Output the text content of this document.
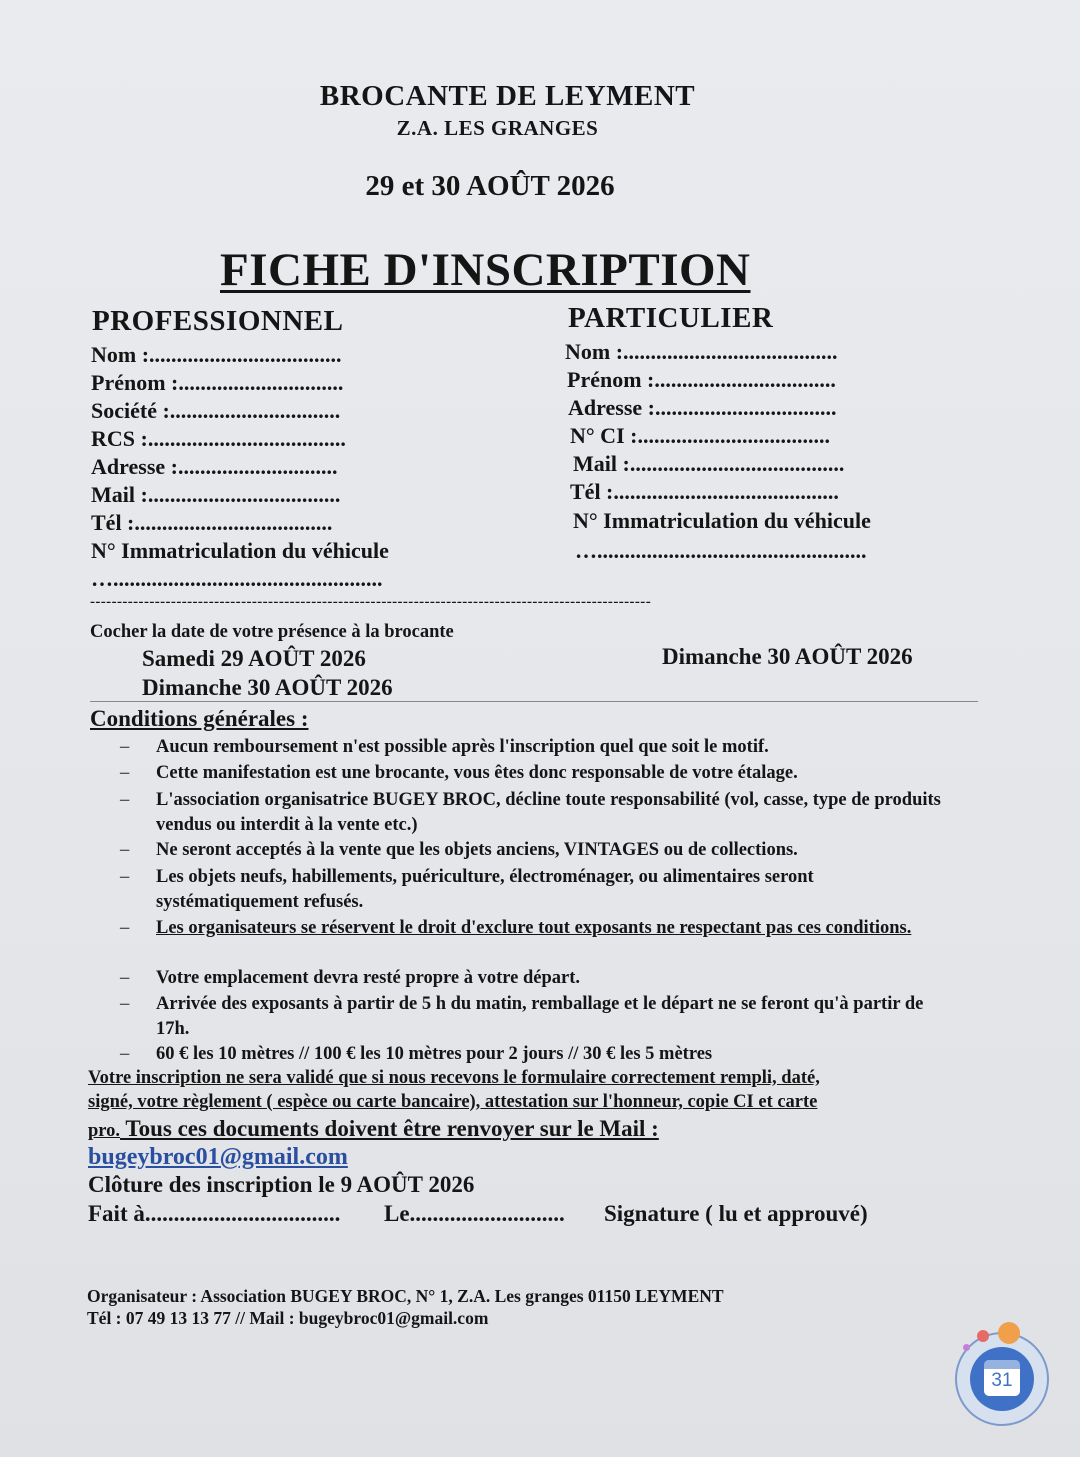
BROCANTE DE LEYMENT
Z.A. LES GRANGES
29 et 30 AOÛT 2026
FICHE D'INSCRIPTION
PROFESSIONNEL
Nom :...................................
Prénom :..............................
Société :...............................
RCS :....................................
Adresse :.............................
Mail :...................................
Tél :....................................
N° Immatriculation du véhicule
….................................................
PARTICULIER
Nom :.......................................
Prénom :.................................
Adresse :.................................
N° CI :...................................
Mail :.......................................
Tél :.........................................
N° Immatriculation du véhicule
….................................................
--------------------------------------------------------------------------------------------------------
Cocher la date de votre présence à la brocante
Samedi 29 AOÛT 2026
Dimanche 30 AOÛT 2026
Dimanche 30 AOÛT 2026
Conditions générales :
–	Aucun remboursement n'est possible après l'inscription quel que soit le motif.
–	Cette manifestation est une brocante, vous êtes donc responsable de votre étalage.
–	L'association organisatrice BUGEY BROC, décline toute responsabilité (vol, casse, type de produits vendus ou interdit à la vente etc.)
–	Ne seront acceptés à la vente que les objets anciens, VINTAGES ou de collections.
–	Les objets neufs, habillements, puériculture, électroménager, ou alimentaires seront systématiquement refusés.
–	Les organisateurs se réservent le droit d'exclure tout exposants ne respectant pas ces conditions.
–	Votre emplacement devra resté propre à votre départ.
–	Arrivée des exposants à partir de 5 h du matin, remballage et le départ ne se feront qu'à partir de 17h.
–	60 € les 10 mètres // 100 € les 10 mètres pour 2 jours // 30 € les 5 mètres
Votre inscription ne sera validé que si nous recevons le formulaire correctement rempli, daté,
signé, votre règlement ( espèce ou carte bancaire), attestation sur l'honneur, copie CI et carte
pro. Tous ces documents doivent être renvoyer sur le Mail :
bugeybroc01@gmail.com
Clôture des inscription le 9 AOÛT 2026
Fait à.................................. Le........................... Signature ( lu et approuvé)
Organisateur : Association BUGEY BROC, N° 1, Z.A. Les granges 01150 LEYMENT
Tél : 07 49 13 13 77 // Mail : bugeybroc01@gmail.com
31
